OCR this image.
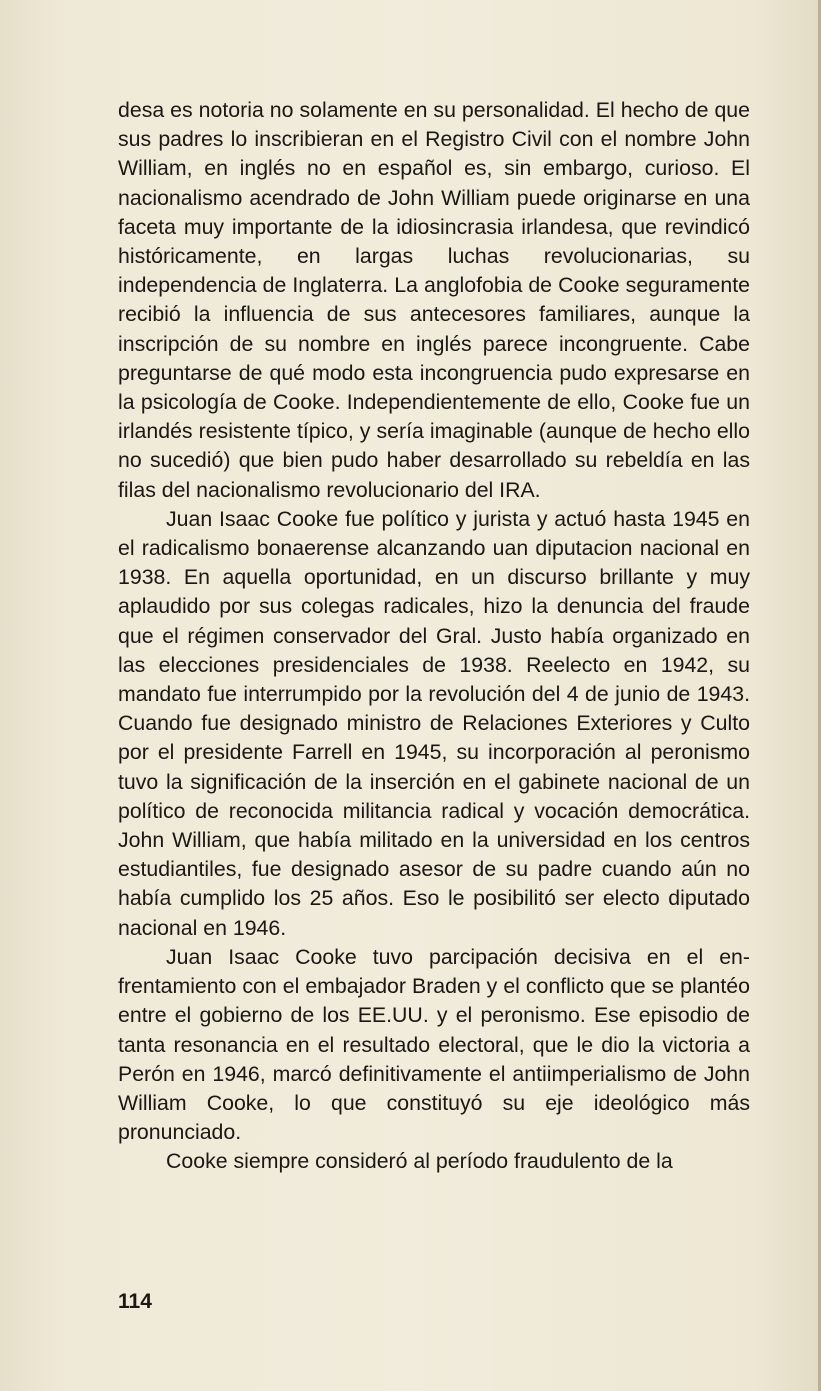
desa es notoria no solamente en su personalidad. El hecho de que sus padres lo inscribieran en el Registro Civil con el nombre John William, en inglés no en español es, sin embargo, curioso. El nacionalismo acendrado de John William puede originarse en una faceta muy importante de la idiosincrasia irlandesa, que revindicó históricamente, en largas luchas revolucionarias, su independencia de Inglaterra. La anglofobia de Cooke seguramente recibió la influencia de sus antecesores familiares, aunque la inscripción de su nombre en inglés parece incongruente. Cabe preguntarse de qué modo esta incongruencia pudo expresarse en la psicología de Cooke. Independientemente de ello, Cooke fue un irlandés resistente típico, y sería imaginable (aunque de hecho ello no sucedió) que bien pudo haber desarrollado su rebeldía en las filas del nacionalismo revolucionario del IRA.

Juan Isaac Cooke fue político y jurista y actuó hasta 1945 en el radicalismo bonaerense alcanzando uan diputacion nacional en 1938. En aquella oportunidad, en un discurso brillante y muy aplaudido por sus colegas radicales, hizo la denuncia del fraude que el régimen conservador del Gral. Justo había organizado en las elecciones presidenciales de 1938. Reelecto en 1942, su mandato fue interrumpido por la revolución del 4 de junio de 1943. Cuando fue designado ministro de Relaciones Exteriores y Culto por el presidente Farrell en 1945, su incorporación al peronismo tuvo la significación de la inserción en el gabinete nacional de un político de reconocida militancia radical y vocación democrática. John William, que había militado en la universidad en los centros estudiantiles, fue designado asesor de su padre cuando aún no había cumplido los 25 años. Eso le posibilitó ser electo diputado nacional en 1946.

Juan Isaac Cooke tuvo parcipación decisiva en el enfrentamiento con el embajador Braden y el conflicto que se plantéo entre el gobierno de los EE.UU. y el peronismo. Ese episodio de tanta resonancia en el resultado electoral, que le dio la victoria a Perón en 1946, marcó definitivamente el antiimperialismo de John William Cooke, lo que constituyó su eje ideológico más pronunciado.

Cooke siempre consideró al período fraudulento de la

114
